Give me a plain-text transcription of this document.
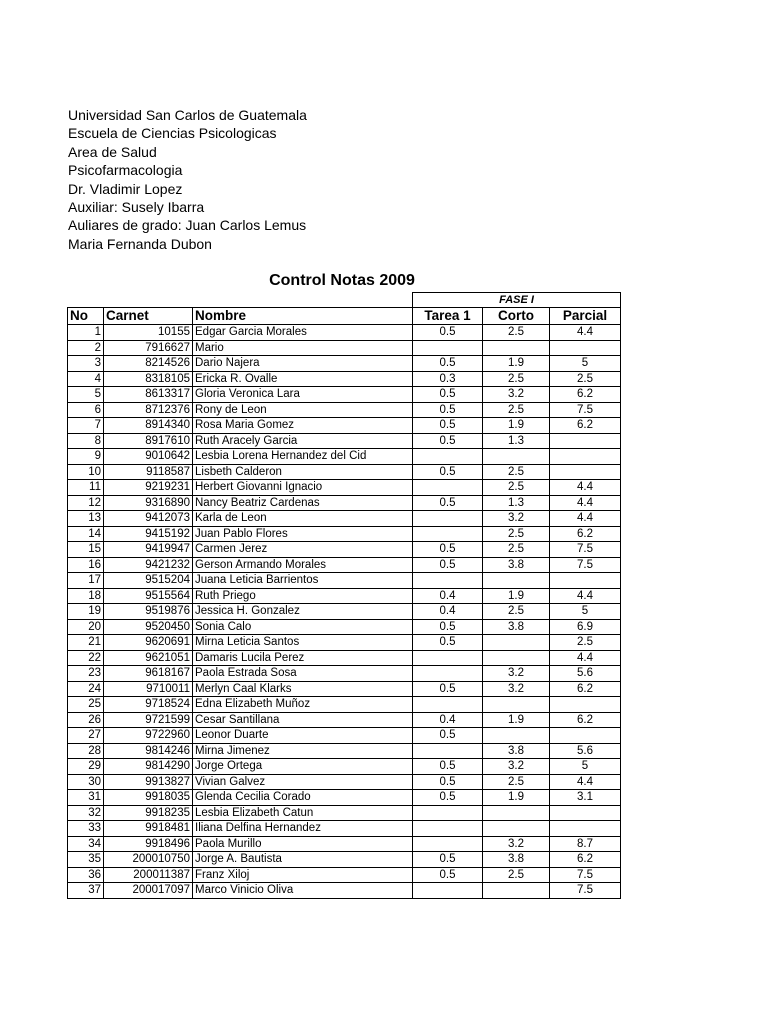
Universidad San Carlos de Guatemala
Escuela de Ciencias Psicologicas
Area de Salud
Psicofarmacologia
Dr. Vladimir Lopez
Auxiliar: Susely Ibarra
Auliares de grado: Juan Carlos Lemus
Maria Fernanda Dubon
Control Notas 2009
			FASE I		
No	Carnet	Nombre	Tarea 1	Corto	Parcial
1	10155	Edgar Garcia Morales	0.5	2.5	4.4
2	7916627	Mario			
3	8214526	Dario Najera	0.5	1.9	5
4	8318105	Ericka R. Ovalle	0.3	2.5	2.5
5	8613317	Gloria Veronica Lara	0.5	3.2	6.2
6	8712376	Rony de Leon	0.5	2.5	7.5
7	8914340	Rosa Maria Gomez	0.5	1.9	6.2
8	8917610	Ruth Aracely Garcia	0.5	1.3	
9	9010642	Lesbia Lorena Hernandez del Cid			
10	9118587	Lisbeth Calderon	0.5	2.5	
11	9219231	Herbert Giovanni Ignacio		2.5	4.4
12	9316890	Nancy Beatriz Cardenas	0.5	1.3	4.4
13	9412073	Karla de Leon		3.2	4.4
14	9415192	Juan Pablo Flores		2.5	6.2
15	9419947	Carmen Jerez	0.5	2.5	7.5
16	9421232	Gerson Armando Morales	0.5	3.8	7.5
17	9515204	Juana Leticia Barrientos			
18	9515564	Ruth Priego	0.4	1.9	4.4
19	9519876	Jessica H. Gonzalez	0.4	2.5	5
20	9520450	Sonia Calo	0.5	3.8	6.9
21	9620691	Mirna Leticia Santos	0.5		2.5
22	9621051	Damaris Lucila Perez			4.4
23	9618167	Paola Estrada Sosa		3.2	5.6
24	9710011	Merlyn Caal Klarks	0.5	3.2	6.2
25	9718524	Edna Elizabeth Muñoz			
26	9721599	Cesar Santillana	0.4	1.9	6.2
27	9722960	Leonor Duarte	0.5		
28	9814246	Mirna Jimenez		3.8	5.6
29	9814290	Jorge Ortega	0.5	3.2	5
30	9913827	Vivian Galvez	0.5	2.5	4.4
31	9918035	Glenda Cecilia Corado	0.5	1.9	3.1
32	9918235	Lesbia Elizabeth Catun			
33	9918481	Iliana Delfina Hernandez			
34	9918496	Paola Murillo		3.2	8.7
35	200010750	Jorge A. Bautista	0.5	3.8	6.2
36	200011387	Franz Xiloj	0.5	2.5	7.5
37	200017097	Marco Vinicio Oliva			7.5
